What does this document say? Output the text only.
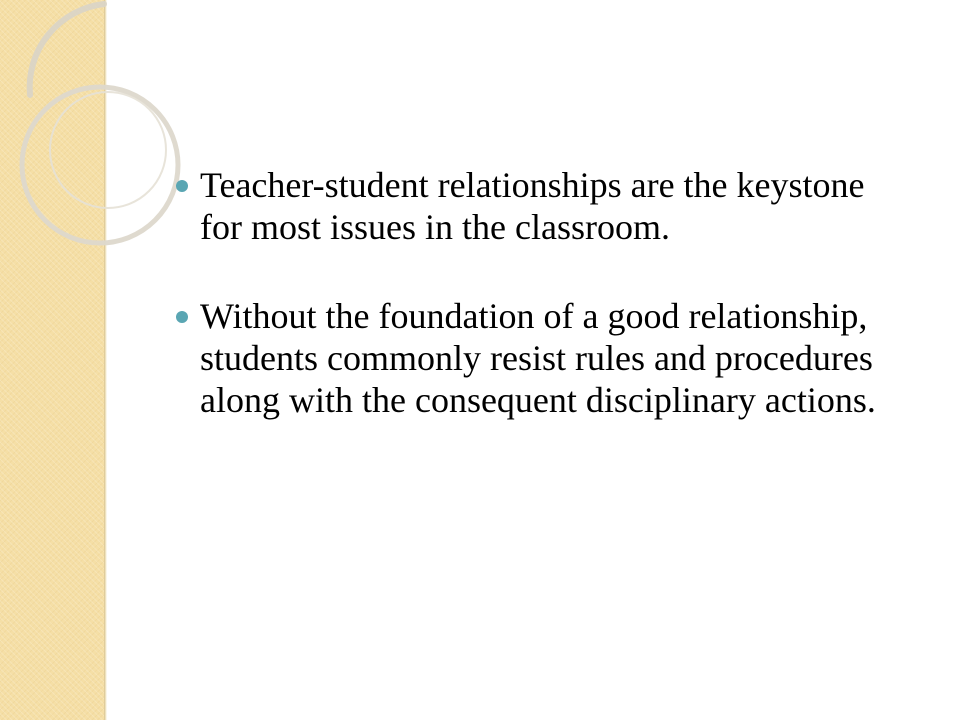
Teacher-student relationships are the keystone for most issues in the classroom.
Without the foundation of a good relationship, students commonly resist rules and procedures along with the consequent disciplinary actions.
